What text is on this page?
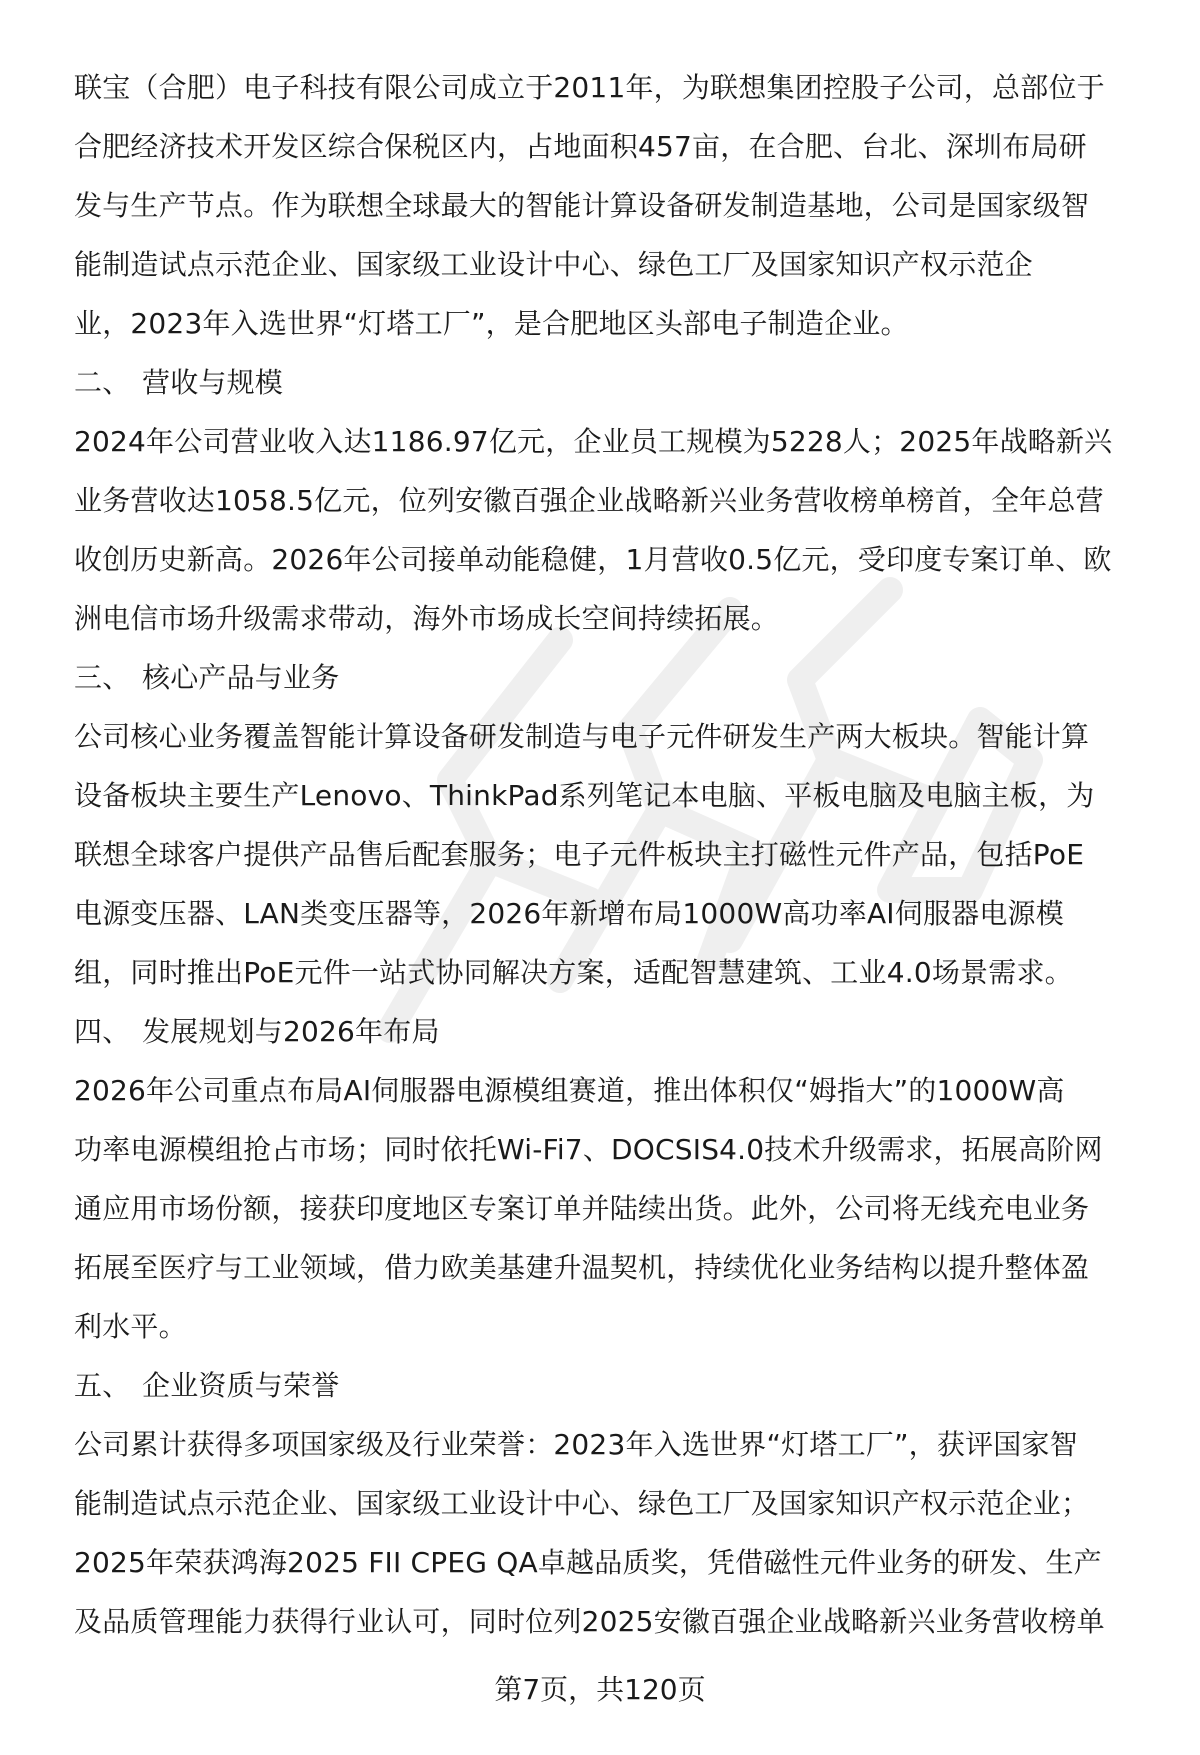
联宝（合肥）电子科技有限公司成立于2011年，为联想集团控股子公司，总部位于
合肥经济技术开发区综合保税区内，占地面积457亩，在合肥、台北、深圳布局研
发与生产节点。作为联想全球最大的智能计算设备研发制造基地，公司是国家级智
能制造试点示范企业、国家级工业设计中心、绿色工厂及国家知识产权示范企
业，2023年入选世界“灯塔工厂”，是合肥地区头部电子制造企业。
二、 营收与规模
2024年公司营业收入达1186.97亿元，企业员工规模为5228人；2025年战略新兴
业务营收达1058.5亿元，位列安徽百强企业战略新兴业务营收榜单榜首，全年总营
收创历史新高。2026年公司接单动能稳健，1月营收0.5亿元，受印度专案订单、欧
洲电信市场升级需求带动，海外市场成长空间持续拓展。
三、 核心产品与业务
公司核心业务覆盖智能计算设备研发制造与电子元件研发生产两大板块。智能计算
设备板块主要生产Lenovo、ThinkPad系列笔记本电脑、平板电脑及电脑主板，为
联想全球客户提供产品售后配套服务；电子元件板块主打磁性元件产品，包括PoE
电源变压器、LAN类变压器等，2026年新增布局1000W高功率AI伺服器电源模
组，同时推出PoE元件一站式协同解决方案，适配智慧建筑、工业4.0场景需求。
四、 发展规划与2026年布局
2026年公司重点布局AI伺服器电源模组赛道，推出体积仅“姆指大”的1000W高
功率电源模组抢占市场；同时依托Wi-Fi7、DOCSIS4.0技术升级需求，拓展高阶网
通应用市场份额，接获印度地区专案订单并陆续出货。此外，公司将无线充电业务
拓展至医疗与工业领域，借力欧美基建升温契机，持续优化业务结构以提升整体盈
利水平。
五、 企业资质与荣誉
公司累计获得多项国家级及行业荣誉：2023年入选世界“灯塔工厂”，获评国家智
能制造试点示范企业、国家级工业设计中心、绿色工厂及国家知识产权示范企业；
2025年荣获鸿海2025 FII CPEG QA卓越品质奖，凭借磁性元件业务的研发、生产
及品质管理能力获得行业认可，同时位列2025安徽百强企业战略新兴业务营收榜单
第7页，共120页
